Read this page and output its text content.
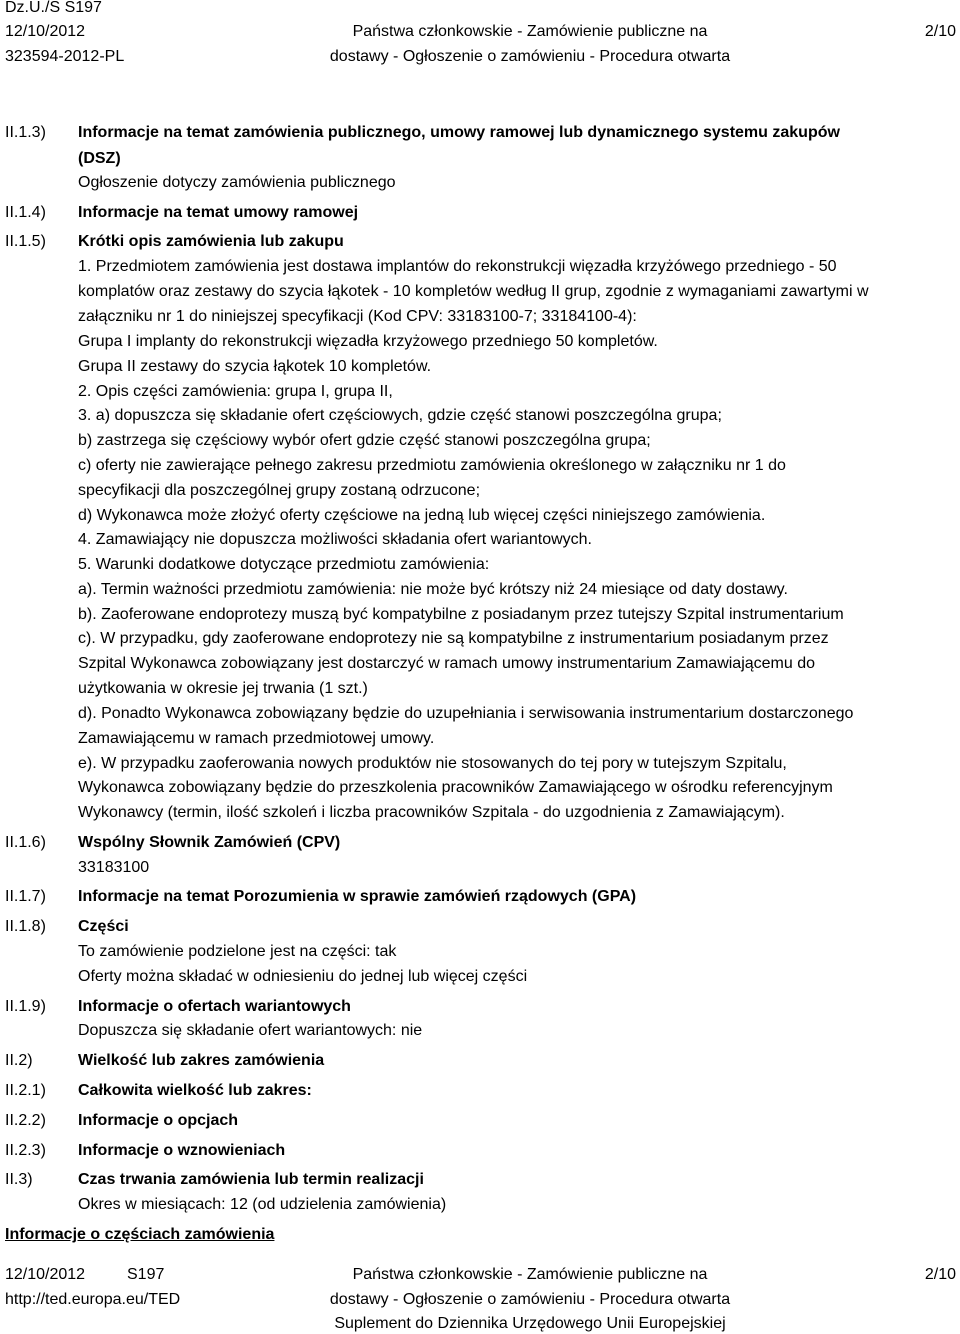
Dz.U./S S197
12/10/2012
323594-2012-PL
Państwa członkowskie - Zamówienie publiczne na
dostawy - Ogłoszenie o zamówieniu - Procedura otwarta
2/10
II.1.3) Informacje na temat zamówienia publicznego, umowy ramowej lub dynamicznego systemu zakupów
(DSZ)
Ogłoszenie dotyczy zamówienia publicznego
II.1.4) Informacje na temat umowy ramowej
II.1.5) Krótki opis zamówienia lub zakupu
1. Przedmiotem zamówienia jest dostawa implantów do rekonstrukcji więzadła krzyżówego przedniego - 50
komplatów oraz zestawy do szycia łąkotek - 10 kompletów według II grup, zgodnie z wymaganiami zawartymi w
załączniku nr 1 do niniejszej specyfikacji (Kod CPV: 33183100-7; 33184100-4):
Grupa I implanty do rekonstrukcji więzadła krzyżowego przedniego 50 kompletów.
Grupa II zestawy do szycia łąkotek 10 kompletów.
2. Opis części zamówienia: grupa I, grupa II,
3. a) dopuszcza się składanie ofert częściowych, gdzie część stanowi poszczególna grupa;
b) zastrzega się częściowy wybór ofert gdzie część stanowi poszczególna grupa;
c) oferty nie zawierające pełnego zakresu przedmiotu zamówienia określonego w załączniku nr 1 do
specyfikacji dla poszczególnej grupy zostaną odrzucone;
d) Wykonawca może złożyć oferty częściowe na jedną lub więcej części niniejszego zamówienia.
4. Zamawiający nie dopuszcza możliwości składania ofert wariantowych.
5. Warunki dodatkowe dotyczące przedmiotu zamówienia:
a). Termin ważności przedmiotu zamówienia: nie może być krótszy niż 24 miesiące od daty dostawy.
b). Zaoferowane endoprotezy muszą być kompatybilne z posiadanym przez tutejszy Szpital instrumentarium
c). W przypadku, gdy zaoferowane endoprotezy nie są kompatybilne z instrumentarium posiadanym przez
Szpital Wykonawca zobowiązany jest dostarczyć w ramach umowy instrumentarium Zamawiającemu do
użytkowania w okresie jej trwania (1 szt.)
d). Ponadto Wykonawca zobowiązany będzie do uzupełniania i serwisowania instrumentarium dostarczonego
Zamawiającemu w ramach przedmiotowej umowy.
e). W przypadku zaoferowania nowych produktów nie stosowanych do tej pory w tutejszym Szpitalu,
Wykonawca zobowiązany będzie do przeszkolenia pracowników Zamawiającego w ośrodku referencyjnym
Wykonawcy (termin, ilość szkoleń i liczba pracowników Szpitala - do uzgodnienia z Zamawiającym).
II.1.6) Wspólny Słownik Zamówień (CPV)
33183100
II.1.7) Informacje na temat Porozumienia w sprawie zamówień rządowych (GPA)
II.1.8) Części
To zamówienie podzielone jest na części: tak
Oferty można składać w odniesieniu do jednej lub więcej części
II.1.9) Informacje o ofertach wariantowych
Dopuszcza się składanie ofert wariantowych: nie
II.2)	Wielkość lub zakres zamówienia
II.2.1) Całkowita wielkość lub zakres:
II.2.2) Informacje o opcjach
II.2.3) Informacje o wznowieniach
II.3)	Czas trwania zamówienia lub termin realizacji
Okres w miesiącach: 12 (od udzielenia zamówienia)
Informacje o częściach zamówienia
12/10/2012	S197
http://ted.europa.eu/TED
Państwa członkowskie - Zamówienie publiczne na
dostawy - Ogłoszenie o zamówieniu - Procedura otwarta
Suplement do Dziennika Urzędowego Unii Europejskiej
2/10
